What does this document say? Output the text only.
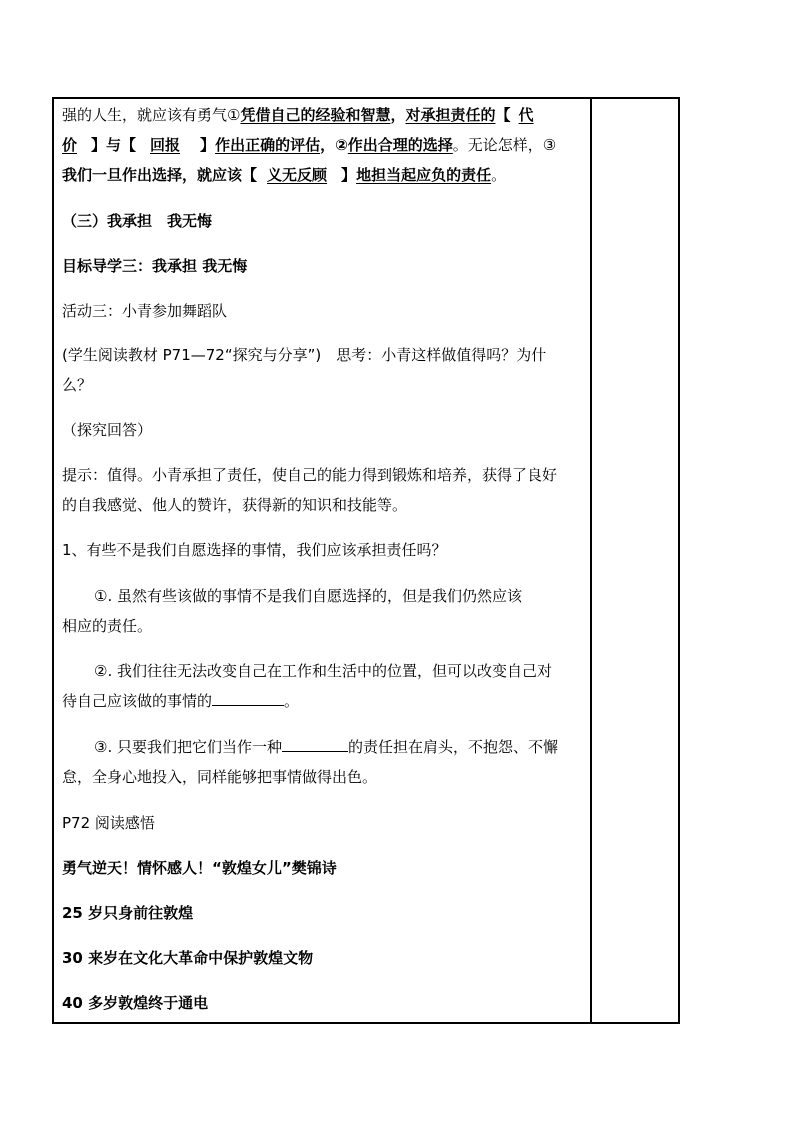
强的人生，就应该有勇气①凭借自己的经验和智慧，对承担责任的【 代
价 】与【 回报 】作出正确的评估，②作出合理的选择。无论怎样，③
我们一旦作出选择，就应该【 义无反顾 】地担当起应负的责任。
（三）我承担　我无悔
目标导学三：我承担 我无悔
活动三：小青参加舞蹈队
(学生阅读教材 P71—72“探究与分享”)　思考：小青这样做值得吗？为什
么？
（探究回答）
提示：值得。小青承担了责任，使自己的能力得到锻炼和培养，获得了良好
的自我感觉、他人的赞许，获得新的知识和技能等。
1、有些不是我们自愿选择的事情，我们应该承担责任吗？
①. 虽然有些该做的事情不是我们自愿选择的，但是我们仍然应该
相应的责任。
②. 我们往往无法改变自己在工作和生活中的位置，但可以改变自己对
待自己应该做的事情的	。
③. 只要我们把它们当作一种	的责任担在肩头，不抱怨、不懈
怠，全身心地投入，同样能够把事情做得出色。
P72 阅读感悟
勇气逆天！情怀感人！“敦煌女儿”樊锦诗
25 岁只身前往敦煌
30 来岁在文化大革命中保护敦煌文物
40 多岁敦煌终于通电
